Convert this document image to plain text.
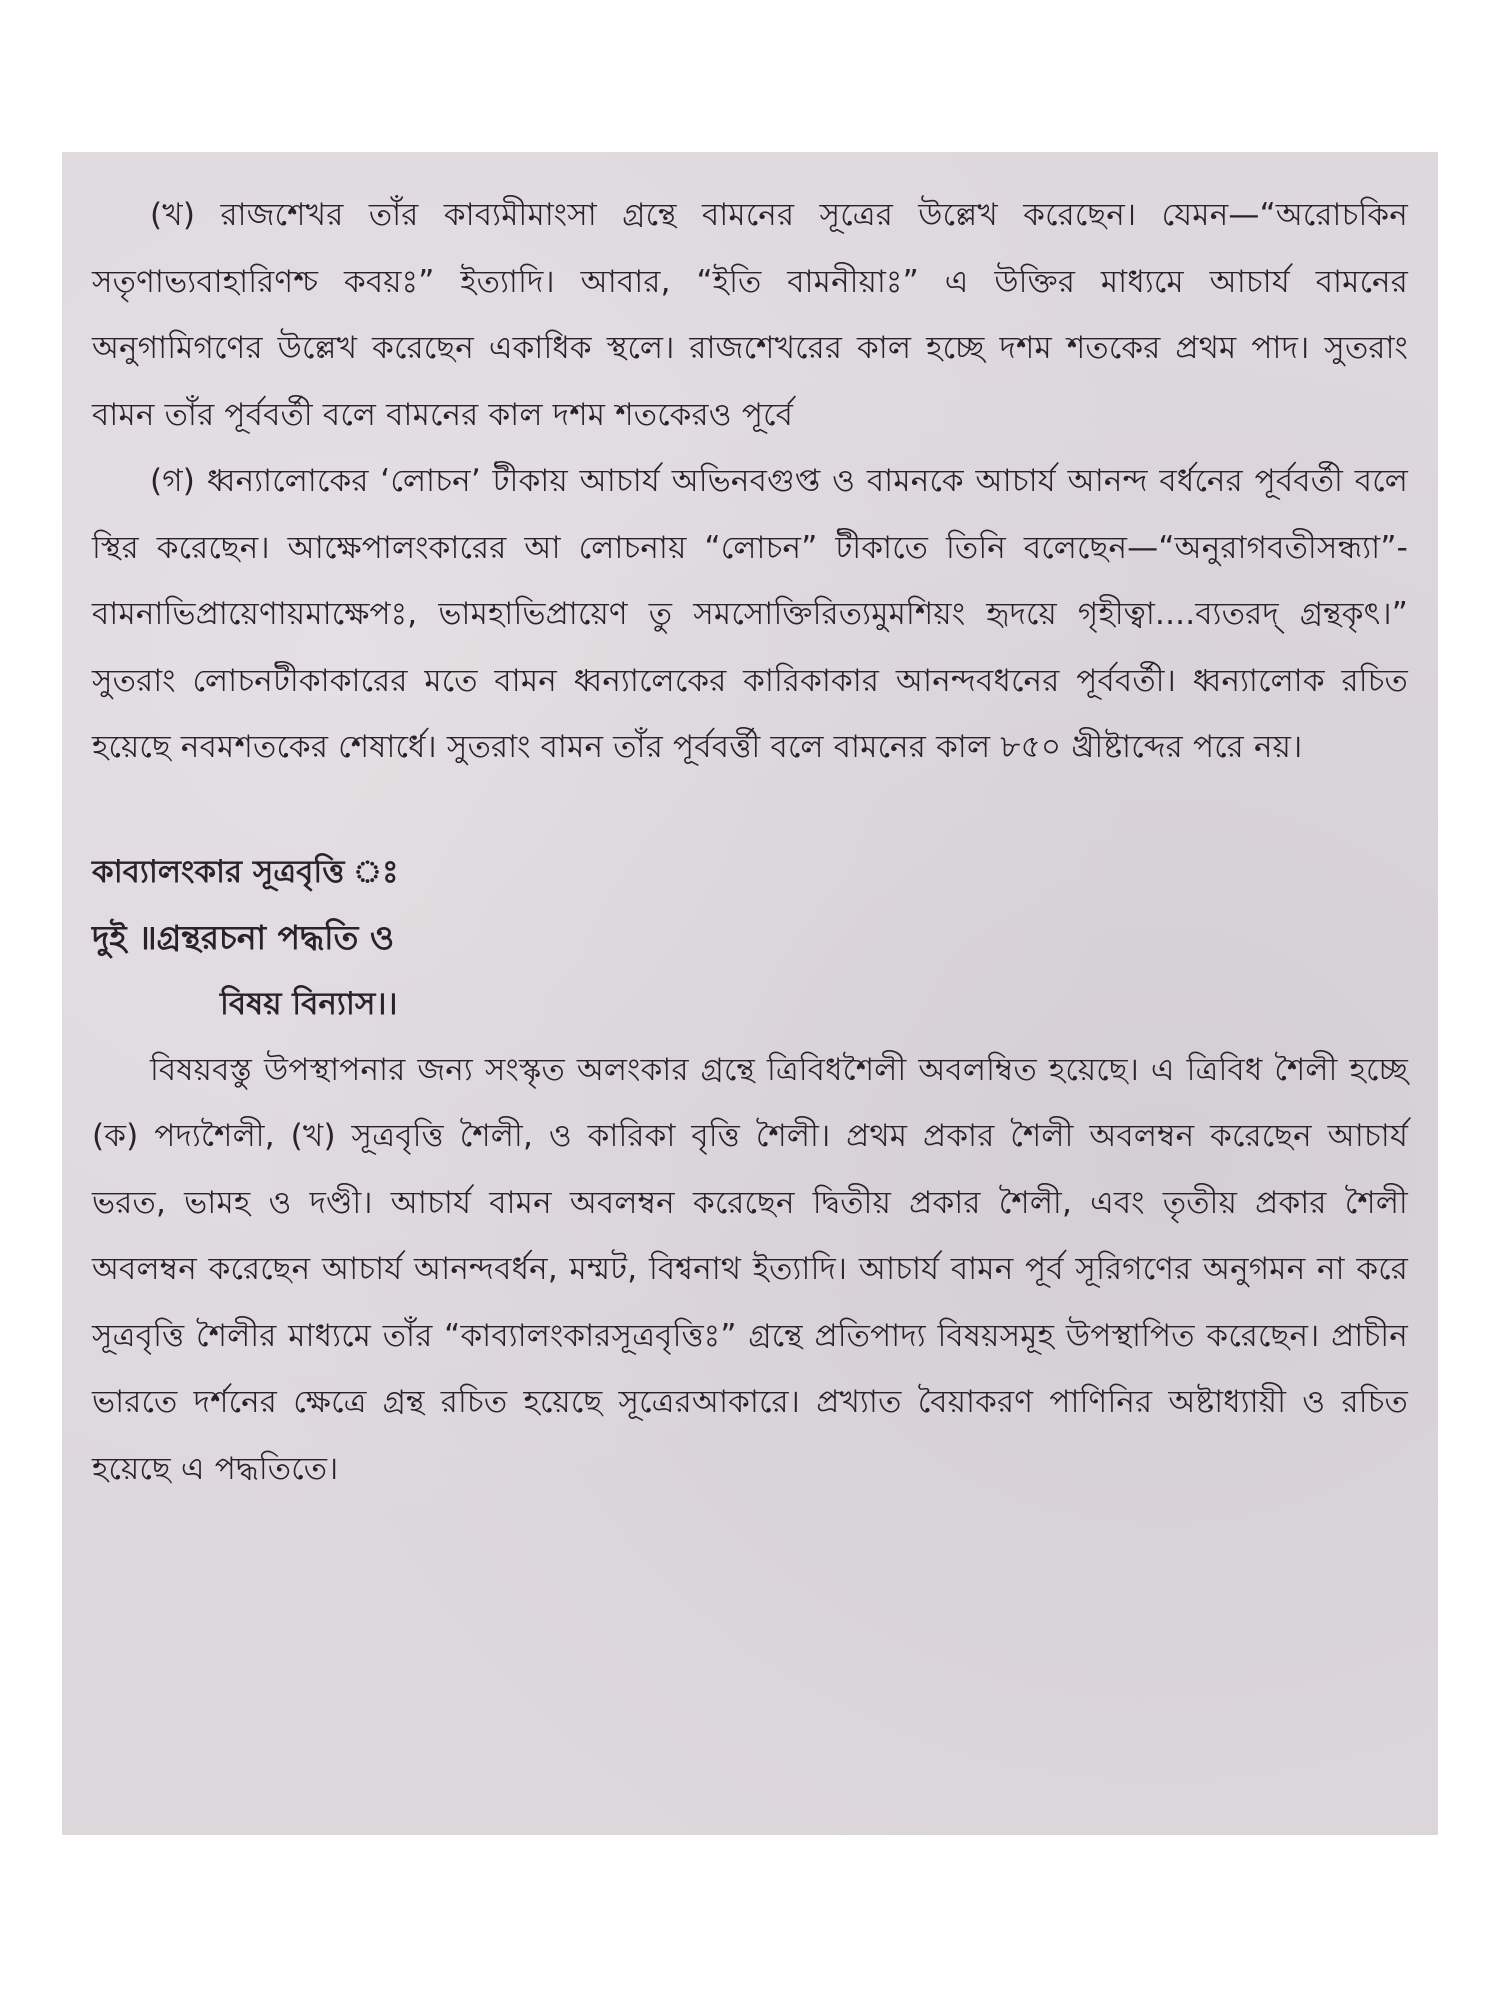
(খ) রাজশেখর তাঁর কাব্যমীমাংসা গ্রন্থে বামনের সূত্রের উল্লেখ করেছেন। যেমন—“অরোচকিন সতৃণাভ্যবাহারিণশ্চ কবয়ঃ” ইত্যাদি। আবার, “ইতি বামনীয়াঃ” এ উক্তির মাধ্যমে আচার্য বামনের অনুগামিগণের উল্লেখ করেছেন একাধিক স্থলে। রাজশেখরের কাল হচ্ছে দশম শতকের প্রথম পাদ। সুতরাং বামন তাঁর পূর্ববর্তী বলে বামনের কাল দশম শতকেরও পূর্বে

(গ) ধ্বন্যালোকের ‘লোচন’ টীকায় আচার্য অভিনবগুপ্ত ও বামনকে আচার্য আনন্দ বর্ধনের পূর্ববর্তী বলে স্থির করেছেন। আক্ষেপালংকারের আ লোচনায় “লোচন” টীকাতে তিনি বলেছেন—“অনুরাগবতীসন্ধ্যা”-বামনাভিপ্রায়েণায়মাক্ষেপঃ, ভামহাভিপ্রায়েণ তু সমসোক্তিরিত্যমুমশিয়ং হৃদয়ে গৃহীত্বা....ব্যতরদ্ গ্রন্থকৃৎ।” সুতরাং লোচনটীকাকারের মতে বামন ধ্বন্যালেকের কারিকাকার আনন্দবধনের পূর্ববর্তী। ধ্বন্যালোক রচিত হয়েছে নবমশতকের শেষার্ধে। সুতরাং বামন তাঁর পূর্ববর্ত্তী বলে বামনের কাল ৮৫০ খ্রীষ্টাব্দের পরে নয়।

কাব্যালংকার সূত্রবৃত্তি ঃ

দুই ॥গ্রন্থরচনা পদ্ধতি ও

বিষয় বিন্যাস।।

বিষয়বস্তু উপস্থাপনার জন্য সংস্কৃত অলংকার গ্রন্থে ত্রিবিধশৈলী অবলম্বিত হয়েছে। এ ত্রিবিধ শৈলী হচ্ছে (ক) পদ্যশৈলী, (খ) সূত্রবৃত্তি শৈলী, ও কারিকা বৃত্তি শৈলী। প্রথম প্রকার শৈলী অবলম্বন করেছেন আচার্য ভরত, ভামহ ও দণ্ডী। আচার্য বামন অবলম্বন করেছেন দ্বিতীয় প্রকার শৈলী, এবং তৃতীয় প্রকার শৈলী অবলম্বন করেছেন আচার্য আনন্দবর্ধন, মম্মট, বিশ্বনাথ ইত্যাদি। আচার্য বামন পূর্ব সূরিগণের অনুগমন না করে সূত্রবৃত্তি শৈলীর মাধ্যমে তাঁর “কাব্যালংকারসূত্রবৃত্তিঃ” গ্রন্থে প্রতিপাদ্য বিষয়সমূহ উপস্থাপিত করেছেন। প্রাচীন ভারতে দর্শনের ক্ষেত্রে গ্রন্থ রচিত হয়েছে সূত্রেরআকারে। প্রখ্যাত বৈয়াকরণ পাণিনির অষ্টাধ্যায়ী ও রচিত হয়েছে এ পদ্ধতিতে।
